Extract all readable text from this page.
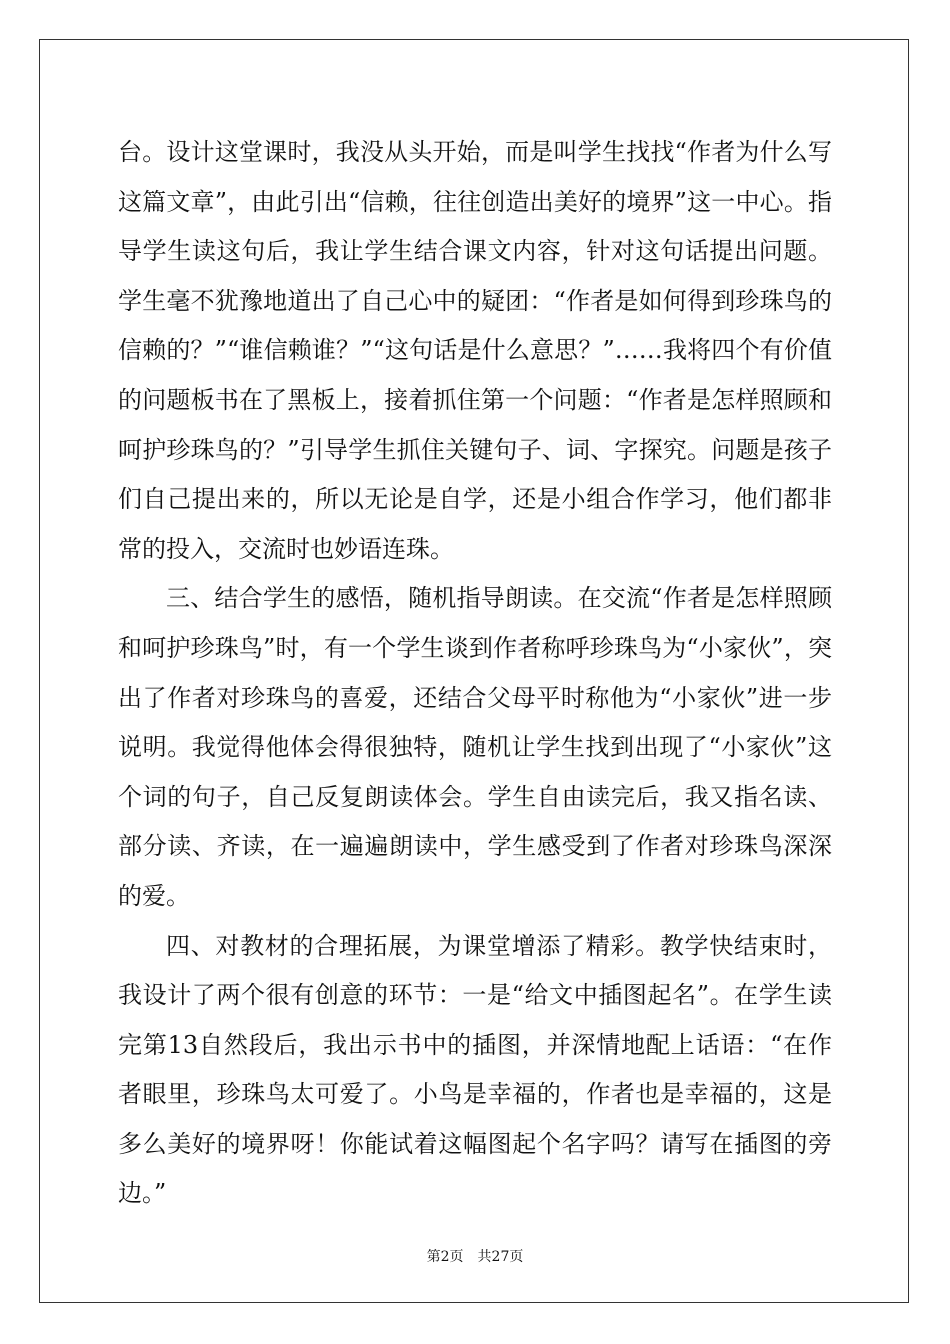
台。设计这堂课时，我没从头开始，而是叫学生找找“作者为什么写这篇文章”，由此引出“信赖，往往创造出美好的境界”这一中心。指导学生读这句后，我让学生结合课文内容，针对这句话提出问题。学生毫不犹豫地道出了自己心中的疑团：“作者是如何得到珍珠鸟的信赖的？”“谁信赖谁？”“这句话是什么意思？”……我将四个有价值的问题板书在了黑板上，接着抓住第一个问题：“作者是怎样照顾和呵护珍珠鸟的？”引导学生抓住关键句子、词、字探究。问题是孩子们自己提出来的，所以无论是自学，还是小组合作学习，他们都非常的投入，交流时也妙语连珠。

三、结合学生的感悟，随机指导朗读。在交流“作者是怎样照顾和呵护珍珠鸟”时，有一个学生谈到作者称呼珍珠鸟为“小家伙”，突出了作者对珍珠鸟的喜爱，还结合父母平时称他为“小家伙”进一步说明。我觉得他体会得很独特，随机让学生找到出现了“小家伙”这个词的句子，自己反复朗读体会。学生自由读完后，我又指名读、部分读、齐读，在一遍遍朗读中，学生感受到了作者对珍珠鸟深深的爱。

四、对教材的合理拓展，为课堂增添了精彩。教学快结束时，我设计了两个很有创意的环节：一是“给文中插图起名”。在学生读完第13自然段后，我出示书中的插图，并深情地配上话语：“在作者眼里，珍珠鸟太可爱了。小鸟是幸福的，作者也是幸福的，这是多么美好的境界呀！你能试着这幅图起个名字吗？请写在插图的旁边。”

第2页　共27页
